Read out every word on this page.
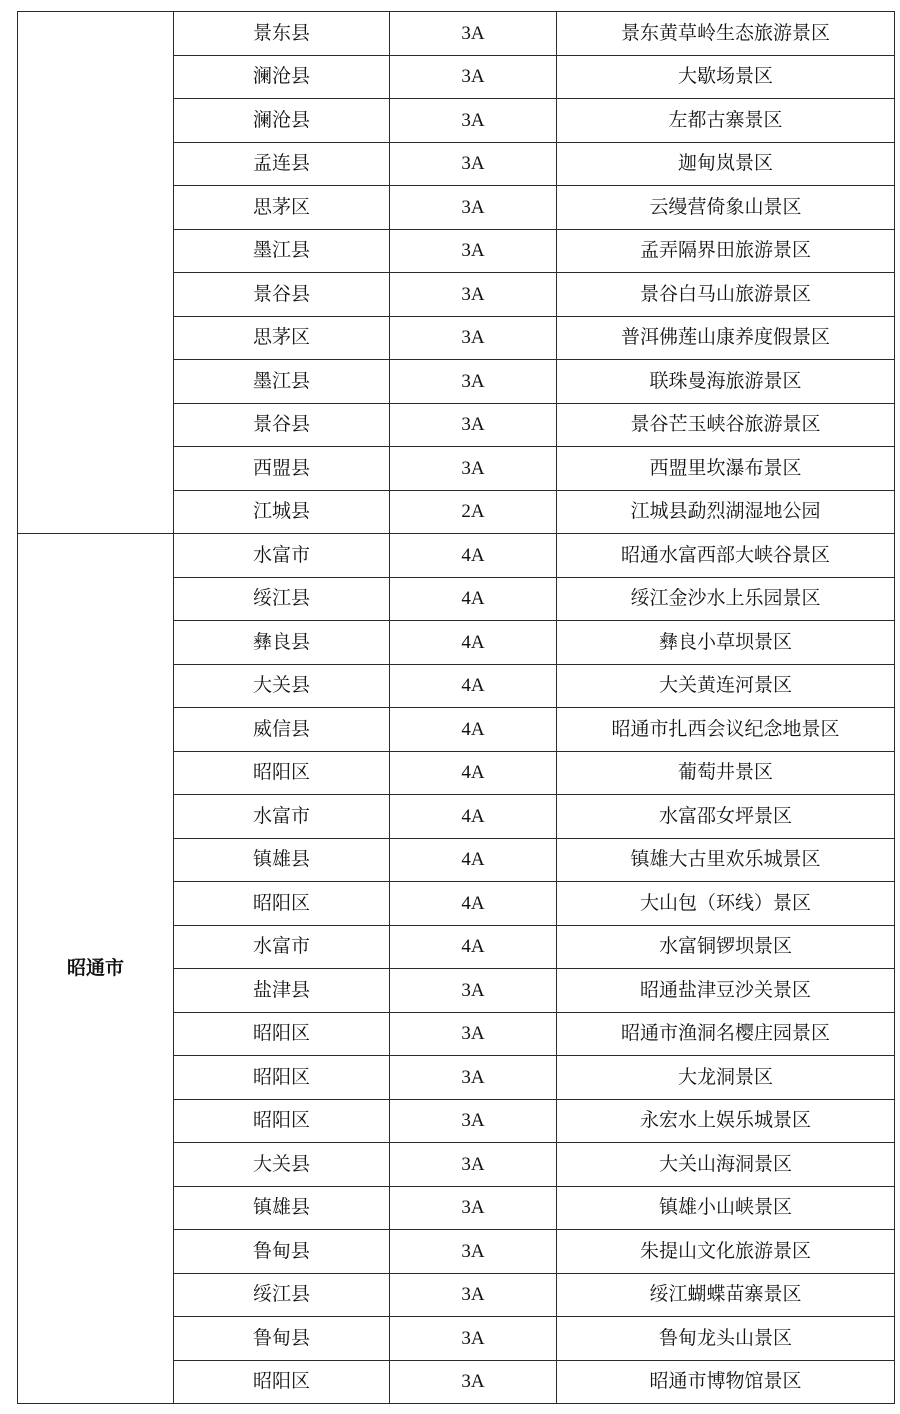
	景东县	3A	景东黄草岭生态旅游景区
	澜沧县	3A	大歇场景区
	澜沧县	3A	左都古寨景区
	孟连县	3A	迦甸岚景区
	思茅区	3A	云缦营倚象山景区
	墨江县	3A	孟弄隔界田旅游景区
	景谷县	3A	景谷白马山旅游景区
	思茅区	3A	普洱佛莲山康养度假景区
	墨江县	3A	联珠曼海旅游景区
	景谷县	3A	景谷芒玉峡谷旅游景区
	西盟县	3A	西盟里坎瀑布景区
	江城县	2A	江城县勐烈湖湿地公园
昭通市	水富市	4A	昭通水富西部大峡谷景区
	绥江县	4A	绥江金沙水上乐园景区
	彝良县	4A	彝良小草坝景区
	大关县	4A	大关黄连河景区
	威信县	4A	昭通市扎西会议纪念地景区
	昭阳区	4A	葡萄井景区
	水富市	4A	水富邵女坪景区
	镇雄县	4A	镇雄大古里欢乐城景区
	昭阳区	4A	大山包（环线）景区
	水富市	4A	水富铜锣坝景区
	盐津县	3A	昭通盐津豆沙关景区
	昭阳区	3A	昭通市渔洞名樱庄园景区
	昭阳区	3A	大龙洞景区
	昭阳区	3A	永宏水上娱乐城景区
	大关县	3A	大关山海洞景区
	镇雄县	3A	镇雄小山峡景区
	鲁甸县	3A	朱提山文化旅游景区
	绥江县	3A	绥江蝴蝶苗寨景区
	鲁甸县	3A	鲁甸龙头山景区
	昭阳区	3A	昭通市博物馆景区
